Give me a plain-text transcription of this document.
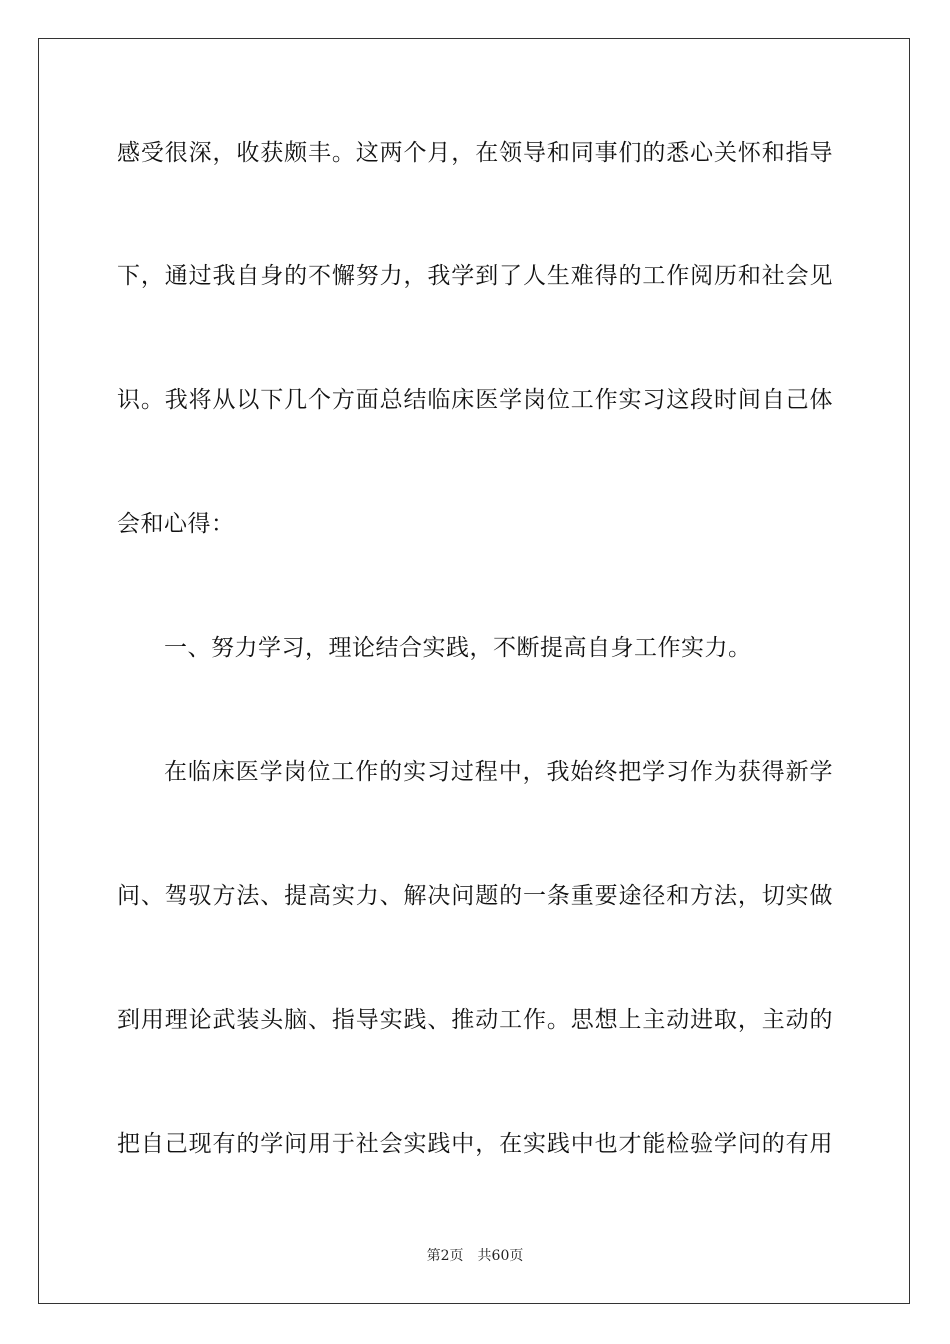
感受很深，收获颇丰。这两个月，在领导和同事们的悉心关怀和指导
下，通过我自身的不懈努力，我学到了人生难得的工作阅历和社会见
识。我将从以下几个方面总结临床医学岗位工作实习这段时间自己体
会和心得：
一、努力学习，理论结合实践，不断提高自身工作实力。
在临床医学岗位工作的实习过程中，我始终把学习作为获得新学
问、驾驭方法、提高实力、解决问题的一条重要途径和方法，切实做
到用理论武装头脑、指导实践、推动工作。思想上主动进取，主动的
把自己现有的学问用于社会实践中，在实践中也才能检验学问的有用
第2页 共60页
